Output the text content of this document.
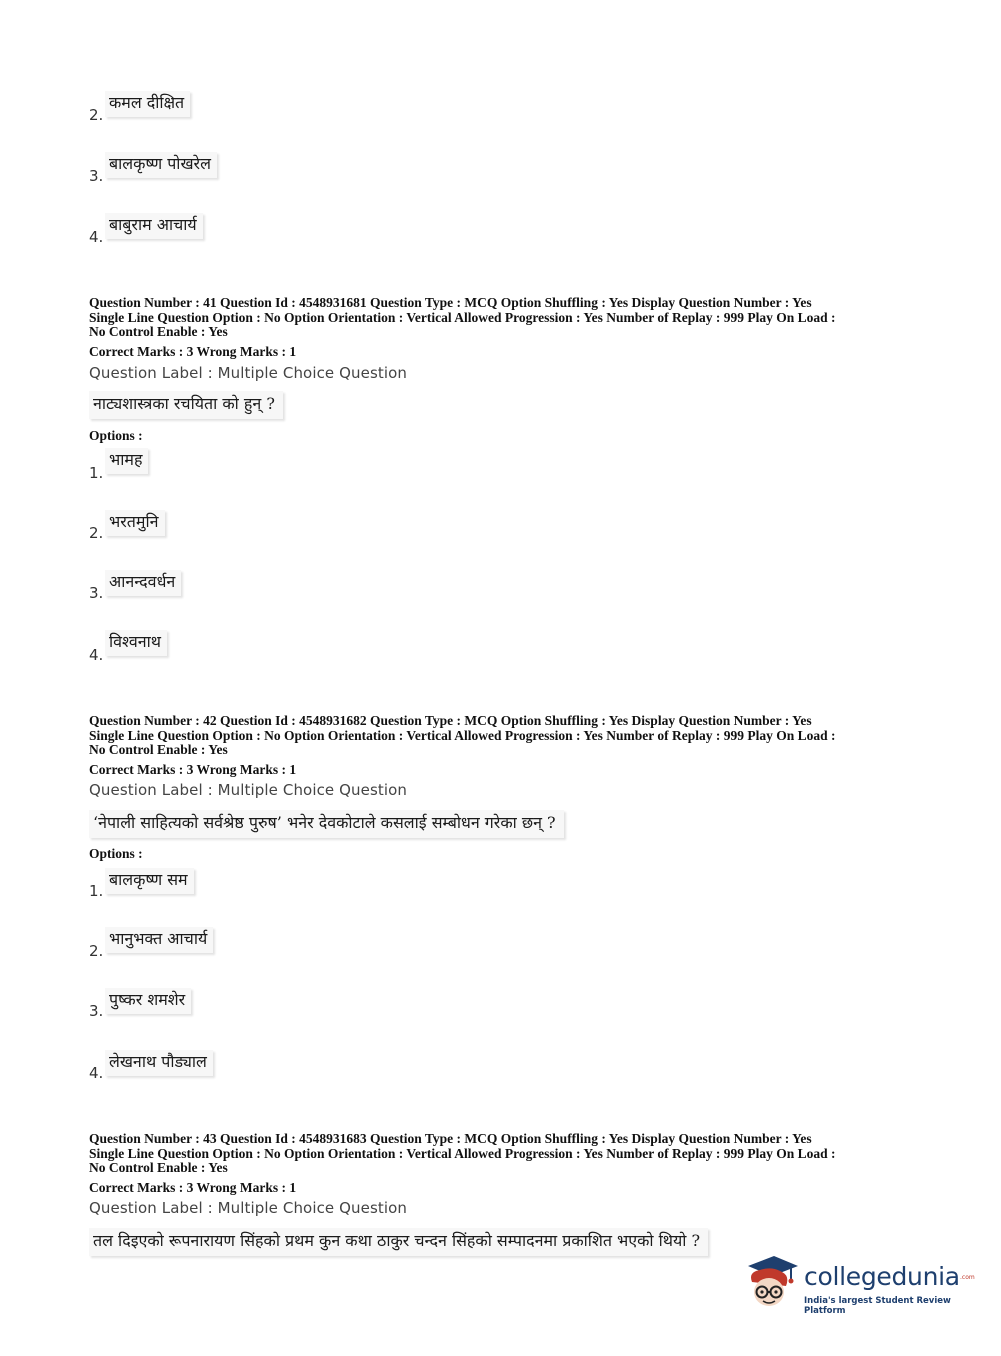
2.
कमल दीक्षित
3.
बालकृष्ण पोखरेल
4.
बाबुराम आचार्य
Question Number : 41 Question Id : 4548931681 Question Type : MCQ Option Shuffling : Yes Display Question Number : Yes
Single Line Question Option : No Option Orientation : Vertical Allowed Progression : Yes Number of Replay : 999 Play On Load :
No Control Enable : Yes
Correct Marks : 3 Wrong Marks : 1
Question Label : Multiple Choice Question
नाट्यशास्त्रका रचयिता को हुन् ?
Options :
1.
भामह
2.
भरतमुनि
3.
आनन्दवर्धन
4.
विश्वनाथ
Question Number : 42 Question Id : 4548931682 Question Type : MCQ Option Shuffling : Yes Display Question Number : Yes
Single Line Question Option : No Option Orientation : Vertical Allowed Progression : Yes Number of Replay : 999 Play On Load :
No Control Enable : Yes
Correct Marks : 3 Wrong Marks : 1
Question Label : Multiple Choice Question
‘नेपाली साहित्यको सर्वश्रेष्ठ पुरुष’ भनेर देवकोटाले कसलाई सम्बोधन गरेका छन् ?
Options :
1.
बालकृष्ण सम
2.
भानुभक्त आचार्य
3.
पुष्कर शमशेर
4.
लेखनाथ पौड्याल
Question Number : 43 Question Id : 4548931683 Question Type : MCQ Option Shuffling : Yes Display Question Number : Yes
Single Line Question Option : No Option Orientation : Vertical Allowed Progression : Yes Number of Replay : 999 Play On Load :
No Control Enable : Yes
Correct Marks : 3 Wrong Marks : 1
Question Label : Multiple Choice Question
तल दिइएको रूपनारायण सिंहको प्रथम कुन कथा ठाकुर चन्दन सिंहको सम्पादनमा प्रकाशित भएको थियो ?
collegedunia .com
India's largest Student Review Platform
